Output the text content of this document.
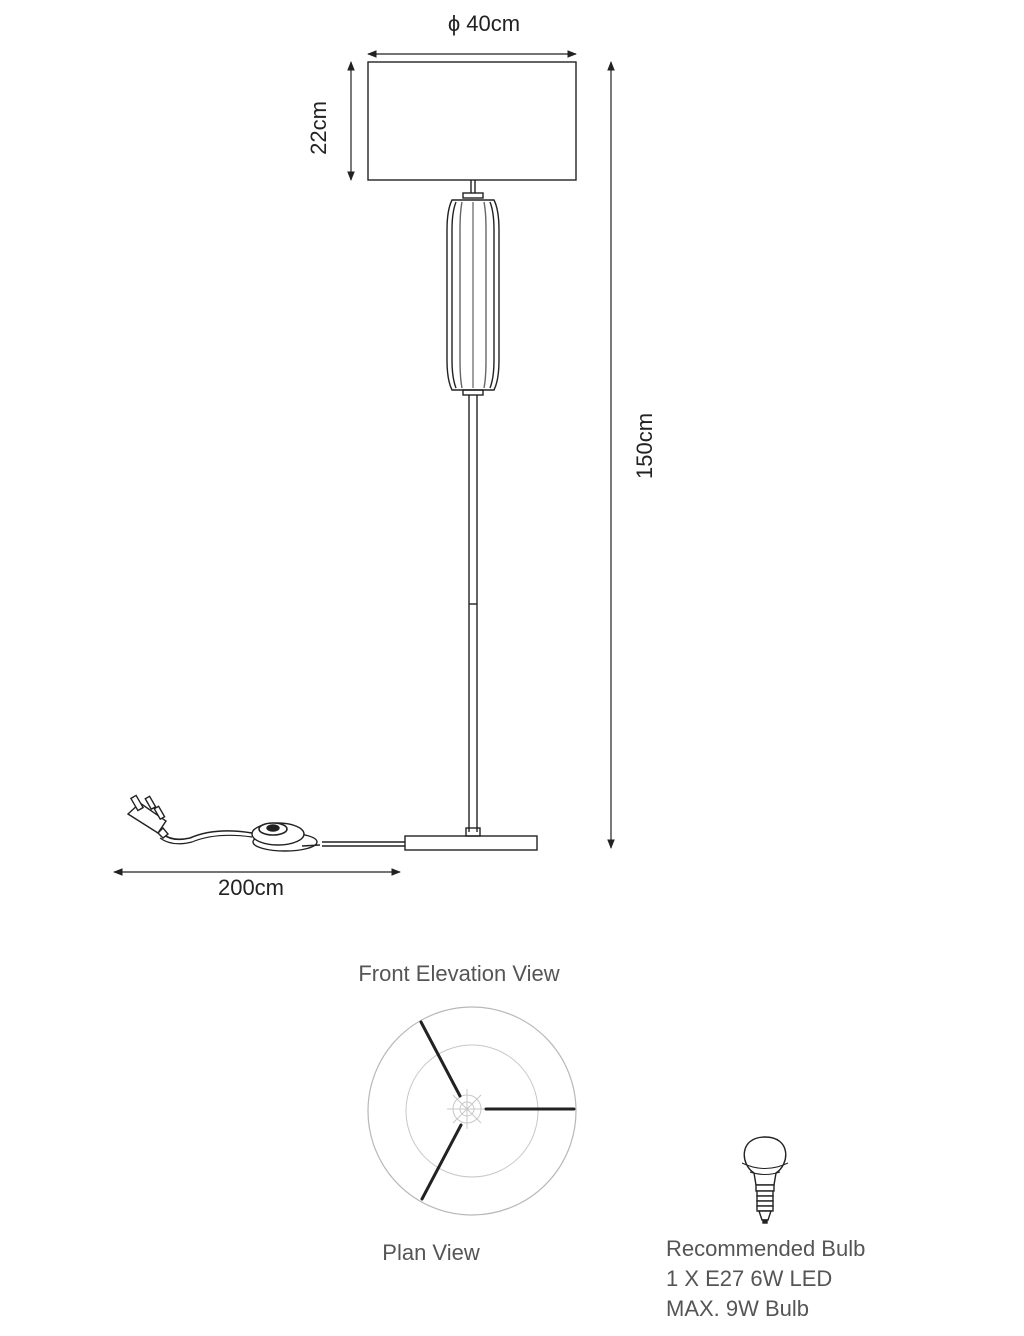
ϕ 40cm
22cm
150cm
200cm
Front Elevation View
Plan View	Recommended Bulb
1 X E27 6W LED
MAX. 9W Bulb
